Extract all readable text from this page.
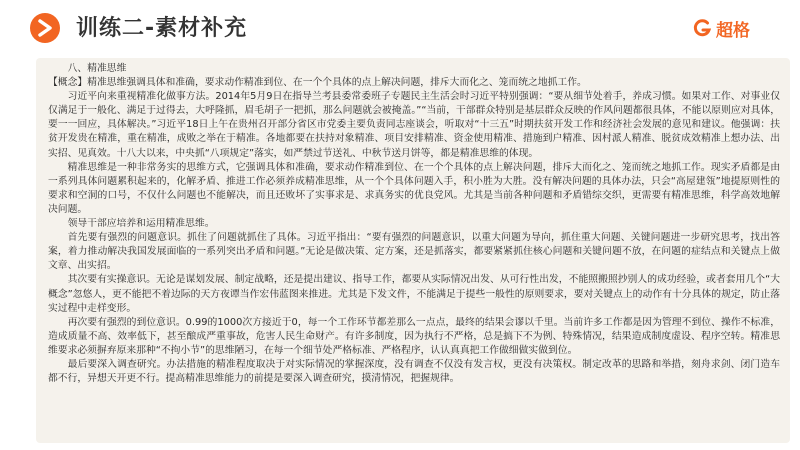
训练二-素材补充	超格

八、精准思维

【概念】精准思维强调具体和准确，要求动作精准到位、在一个个具体的点上解决问题，排斥大而化之、笼而统之地抓工作。

习近平向来重视精准化做事方法。2014年5月9日在指导兰考县委常委班子专题民主生活会时习近平特别强调：“要从细节处着手，养成习惯。如果对工作、对事业仅仅满足于一般化、满足于过得去，大呼隆抓，眉毛胡子一把抓，那么问题就会被掩盖。”“当前，干部群众特别是基层群众反映的作风问题都很具体，不能以原则应对具体，要一一回应，具体解决。”习近平18日上午在贵州召开部分省区市党委主要负责同志座谈会，听取对“十三五”时期扶贫开发工作和经济社会发展的意见和建议。他强调：扶贫开发贵在精准，重在精准，成败之举在于精准。各地都要在扶持对象精准、项目安排精准、资金使用精准、措施到户精准、因村派人精准、脱贫成效精准上想办法、出实招、见真效。十八大以来，中央抓“八项规定”落实，如严禁过节送礼、中秋节送月饼等，都是精准思维的体现。

精准思维是一种非常务实的思维方式，它强调具体和准确，要求动作精准到位、在一个个具体的点上解决问题，排斥大而化之、笼而统之地抓工作。现实矛盾都是由一系列具体问题累积起来的，化解矛盾、推进工作必须养成精准思维，从一个个具体问题入手，积小胜为大胜。没有解决问题的具体办法，只会“高屋建瓴”地提原则性的要求和空洞的口号，不仅什么问题也不能解决，而且还败坏了实事求是、求真务实的优良党风。尤其是当前各种问题和矛盾错综交织，更需要有精准思维，科学高效地解决问题。

领导干部应培养和运用精准思维。

首先要有强烈的问题意识。抓住了问题就抓住了具体。习近平指出：“要有强烈的问题意识，以重大问题为导向，抓住重大问题、关键问题进一步研究思考，找出答案，着力推动解决我国发展面临的一系列突出矛盾和问题。”无论是做决策、定方案，还是抓落实，都要紧紧抓住核心问题和关键问题不放，在问题的症结点和关键点上做文章、出实招。

其次要有实操意识。无论是谋划发展、制定战略，还是提出建议、指导工作，都要从实际情况出发、从可行性出发，不能照搬照抄别人的成功经验，或者套用几个“大概念”忽悠人，更不能把不着边际的天方夜谭当作宏伟蓝图来推进。尤其是下发文件，不能满足于提些一般性的原则要求，要对关键点上的动作有十分具体的规定，防止落实过程中走样变形。

再次要有强烈的到位意识。0.99的1000次方接近于0，每一个工作环节都差那么一点点，最终的结果会谬以千里。当前许多工作都是因为管理不到位、操作不标准，造成质量不高、效率低下，甚至酿成严重事故，危害人民生命财产。有许多制度，因为执行不严格，总是搞下不为例、特殊情况，结果造成制度虚设、程序空转。精准思维要求必须摒弃原来那种“不拘小节”的思维陋习，在每一个细节处严格标准、严格程序，认认真真把工作做细做实做到位。

最后要深入调查研究。办法措施的精准程度取决于对实际情况的掌握深度，没有调查不仅没有发言权，更没有决策权。制定改革的思路和举措，刻舟求剑、闭门造车都不行，异想天开更不行。提高精准思维能力的前提是要深入调查研究，摸清情况，把握规律。
